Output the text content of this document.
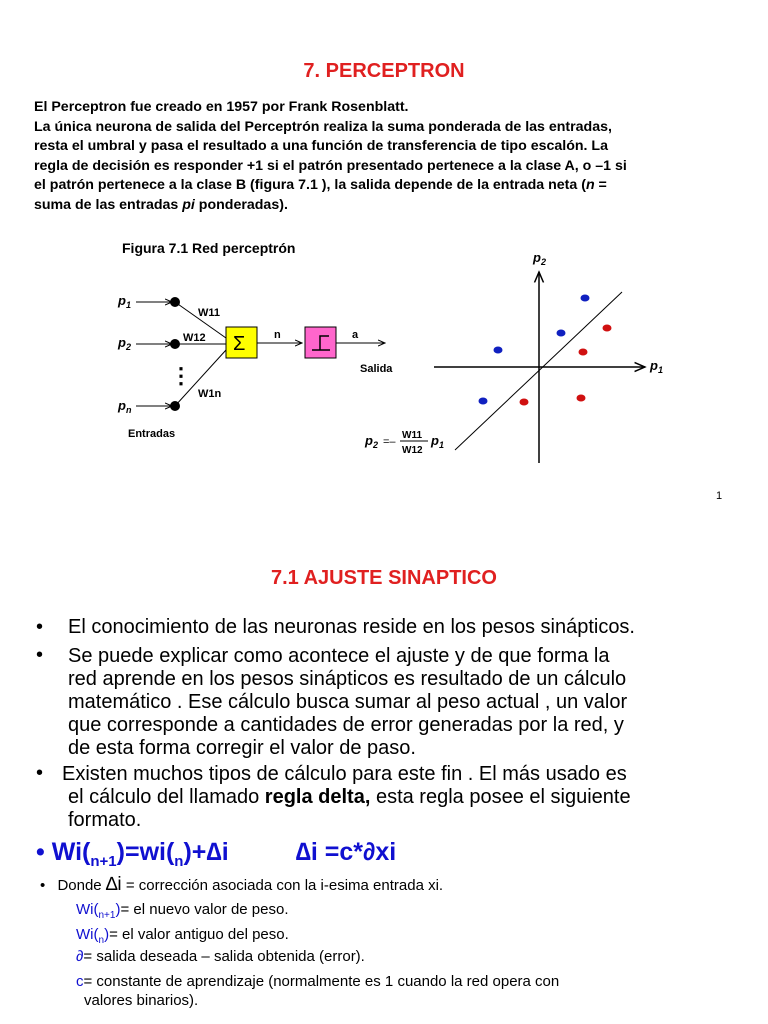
7. PERCEPTRON
El Perceptron fue creado en 1957 por Frank Rosenblatt.
La única neurona de salida del Perceptrón realiza la suma ponderada de las entradas,
resta el umbral y pasa el resultado a una función de transferencia de tipo escalón. La
regla de decisión es responder +1 si el patrón presentado pertenece a la clase A, o –1 si
el patrón pertenece a la clase B (figura 7.1 ), la salida depende de la entrada neta (n =
suma de las entradas pi ponderadas).
Figura 7.1 Red perceptrón
$p_1$
$p_2$
⋮
$p_n$
W11
W12
W1n
Σ	n	a
Salida
Entradas
$p_2$
$p_1$
$p_2$ =–
W11
W12
$p_1$
1
7.1 AJUSTE SINAPTICO
• El conocimiento de las neuronas reside en los pesos sinápticos.
• Se puede explicar como acontece el ajuste y de que forma la
red aprende en los pesos sinápticos es resultado de un cálculo
matemático . Ese cálculo busca sumar al peso actual , un valor
que corresponde a cantidades de error generadas por la red, y
de esta forma corregir el valor de paso.
• Existen muchos tipos de cálculo para este fin . El más usado es
el cálculo del llamado regla delta, esta regla posee el siguiente
formato.
• $Wi(_{n+1})=wi(_n)+\Delta i$	∆i =c*∂xi
• Donde ∆i = corrección asociada con la i-esima entrada xi.
$Wi(_{n+1})=$ el nuevo valor de peso.
$Wi(_n)=$ el valor antiguo del peso.
∂= salida deseada – salida obtenida (error).
c= constante de aprendizaje (normalmente es 1 cuando la red opera con
valores binarios).
